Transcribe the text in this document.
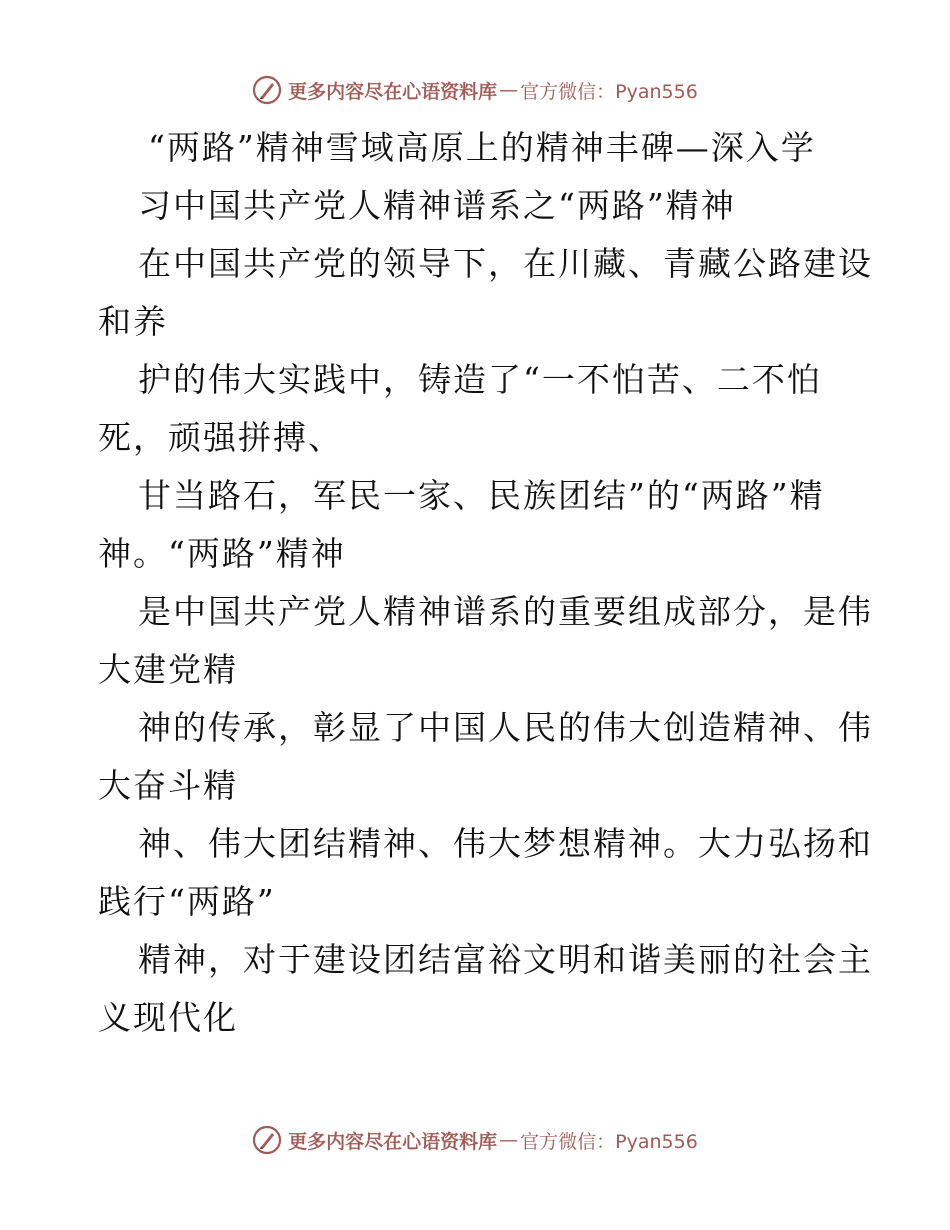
更多内容尽在心语资料库 — 官方微信：Pyan556
“两路”精神雪域高原上的精神丰碑—深入学
习中国共产党人精神谱系之“两路”精神
在中国共产党的领导下，在川藏、青藏公路建设
和养
护的伟大实践中，铸造了“一不怕苦、二不怕
死，顽强拼搏、
甘当路石，军民一家、民族团结”的“两路”精
神。“两路”精神
是中国共产党人精神谱系的重要组成部分，是伟
大建党精
神的传承，彰显了中国人民的伟大创造精神、伟
大奋斗精
神、伟大团结精神、伟大梦想精神。大力弘扬和
践行“两路”
精神，对于建设团结富裕文明和谐美丽的社会主
义现代化
更多内容尽在心语资料库 — 官方微信：Pyan556
